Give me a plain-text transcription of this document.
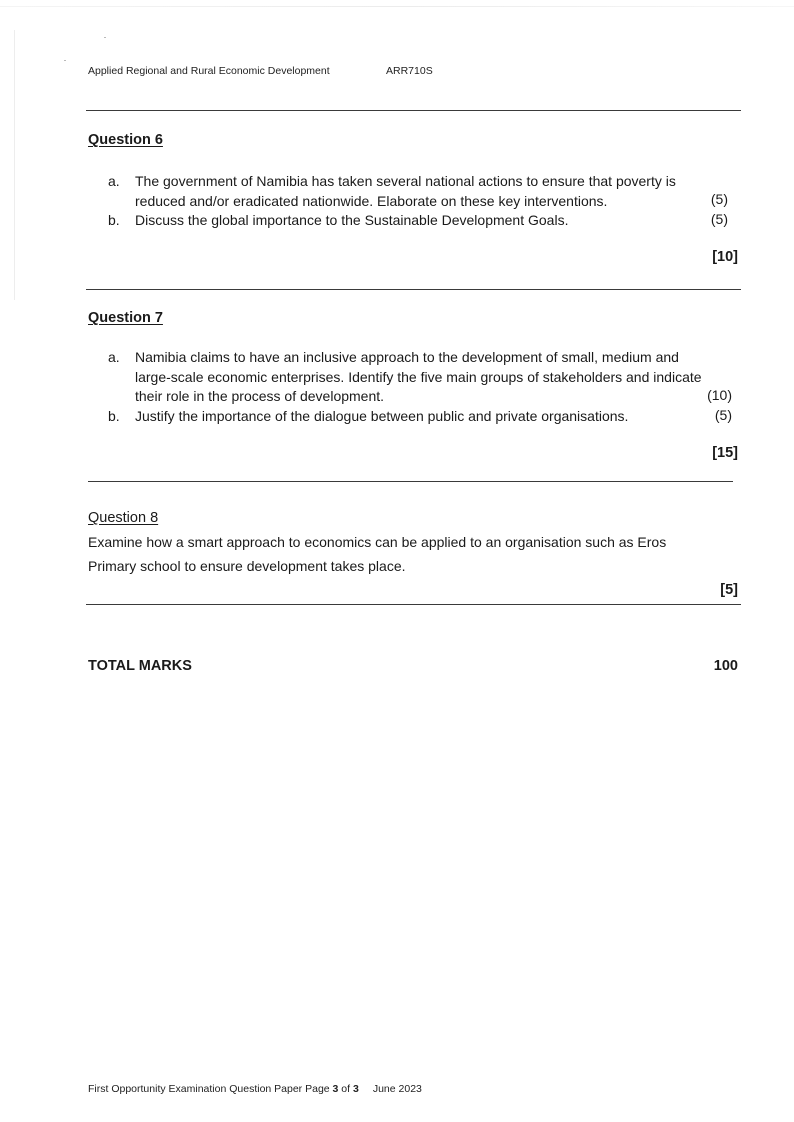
Applied Regional and Rural Economic Development	ARR710S
Question 6
a.	The government of Namibia has taken several national actions to ensure that poverty is
reduced and/or eradicated nationwide. Elaborate on these key interventions.	(5)
b.	Discuss the global importance to the Sustainable Development Goals.	(5)
[10]
Question 7
a.	Namibia claims to have an inclusive approach to the development of small, medium and
large-scale economic enterprises. Identify the five main groups of stakeholders and indicate
their role in the process of development.	(10)
b.	Justify the importance of the dialogue between public and private organisations.	(5)
[15]
Question 8
Examine how a smart approach to economics can be applied to an organisation such as Eros
Primary school to ensure development takes place.
[5]
TOTAL MARKS	100
First Opportunity Examination Question Paper Page 3 of 3 June 2023
